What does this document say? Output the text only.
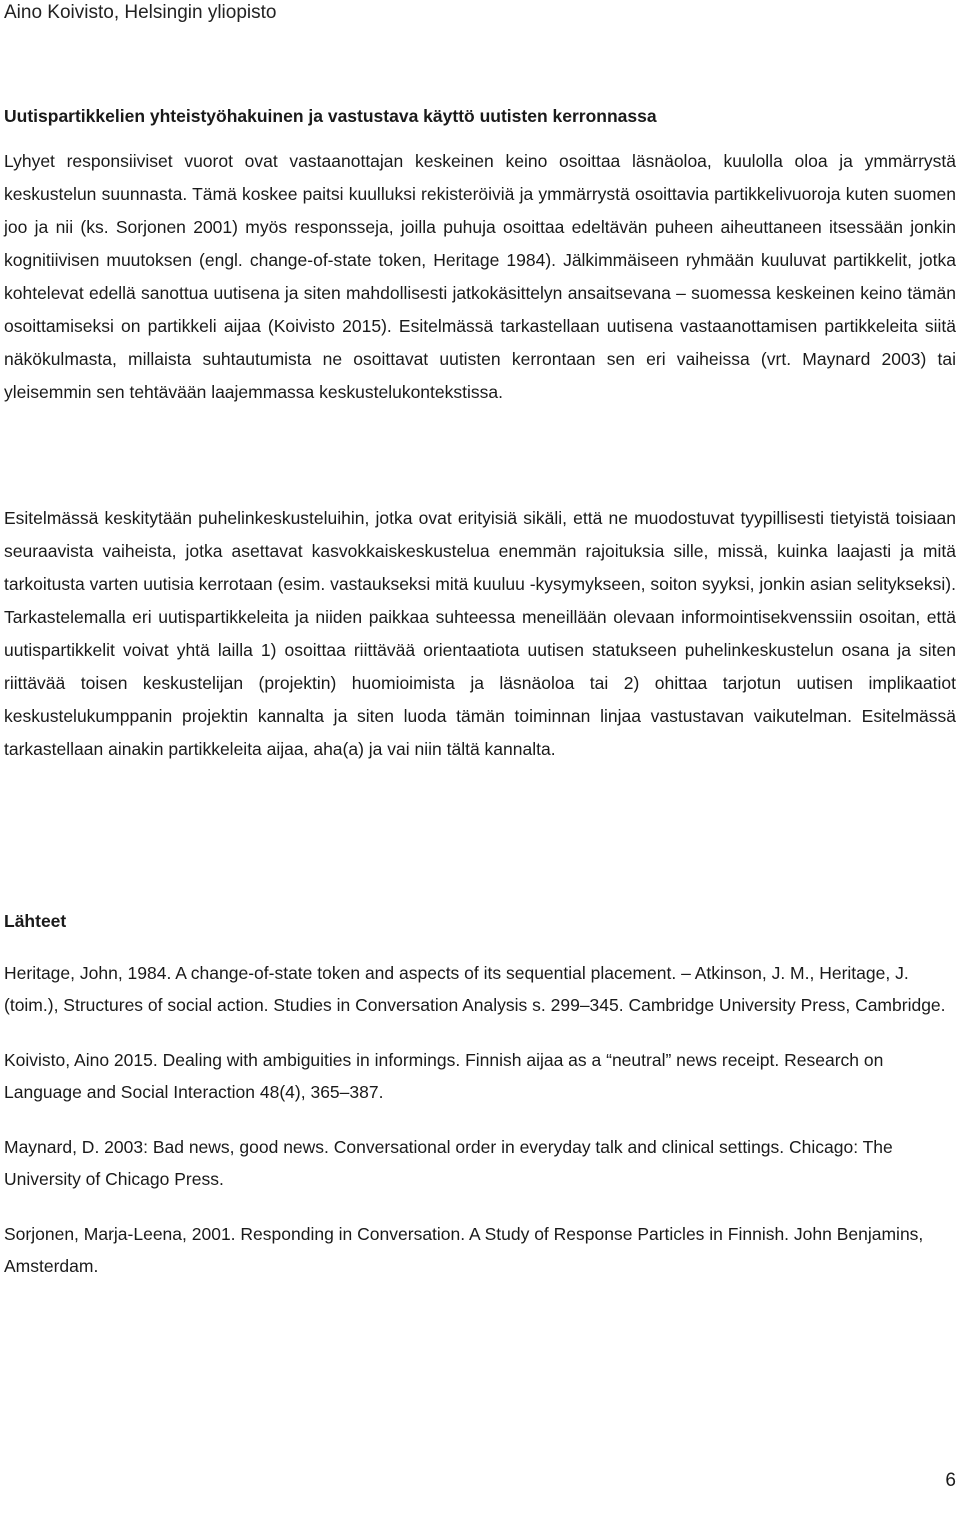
Aino Koivisto, Helsingin yliopisto
Uutispartikkelien yhteistyöhakuinen ja vastustava käyttö uutisten kerronnassa

Lyhyet responsiiviset vuorot ovat vastaanottajan keskeinen keino osoittaa läsnäoloa, kuulolla oloa ja ymmärrystä keskustelun suunnasta. Tämä koskee paitsi kuulluksi rekisteröiviä ja ymmärrystä osoittavia partikkelivuoroja kuten suomen joo ja nii (ks. Sorjonen 2001) myös responsseja, joilla puhuja osoittaa edeltävän puheen aiheuttaneen itsessään jonkin kognitiivisen muutoksen (engl. change-of-state token, Heritage 1984). Jälkimmäiseen ryhmään kuuluvat partikkelit, jotka kohtelevat edellä sanottua uutisena ja siten mahdollisesti jatkokäsittelyn ansaitsevana – suomessa keskeinen keino tämän osoittamiseksi on partikkeli aijaa (Koivisto 2015). Esitelmässä tarkastellaan uutisena vastaanottamisen partikkeleita siitä näkökulmasta, millaista suhtautumista ne osoittavat uutisten kerrontaan sen eri vaiheissa (vrt. Maynard 2003) tai yleisemmin sen tehtävään laajemmassa keskustelukontekstissa.

Esitelmässä keskitytään puhelinkeskusteluihin, jotka ovat erityisiä sikäli, että ne muodostuvat tyypillisesti tietyistä toisiaan seuraavista vaiheista, jotka asettavat kasvokkaiskeskustelua enemmän rajoituksia sille, missä, kuinka laajasti ja mitä tarkoitusta varten uutisia kerrotaan (esim. vastaukseksi mitä kuuluu -kysymykseen, soiton syyksi, jonkin asian selitykseksi). Tarkastelemalla eri uutispartikkeleita ja niiden paikkaa suhteessa meneillään olevaan informointisekvenssiin osoitan, että uutispartikkelit voivat yhtä lailla 1) osoittaa riittävää orientaatiota uutisen statukseen puhelinkeskustelun osana ja siten riittävää toisen keskustelijan (projektin) huomioimista ja läsnäoloa tai 2) ohittaa tarjotun uutisen implikaatiot keskustelukumppanin projektin kannalta ja siten luoda tämän toiminnan linjaa vastustavan vaikutelman. Esitelmässä tarkastellaan ainakin partikkeleita aijaa, aha(a) ja vai niin tältä kannalta.

Lähteet
Heritage, John, 1984. A change-of-state token and aspects of its sequential placement. – Atkinson, J. M., Heritage, J. (toim.), Structures of social action. Studies in Conversation Analysis s. 299–345. Cambridge University Press, Cambridge.
Koivisto, Aino 2015. Dealing with ambiguities in informings. Finnish aijaa as a “neutral” news receipt. Research on Language and Social Interaction 48(4), 365–387.
Maynard, D. 2003: Bad news, good news. Conversational order in everyday talk and clinical settings. Chicago: The University of Chicago Press.
Sorjonen, Marja-Leena, 2001. Responding in Conversation. A Study of Response Particles in Finnish. John Benjamins, Amsterdam.
6
